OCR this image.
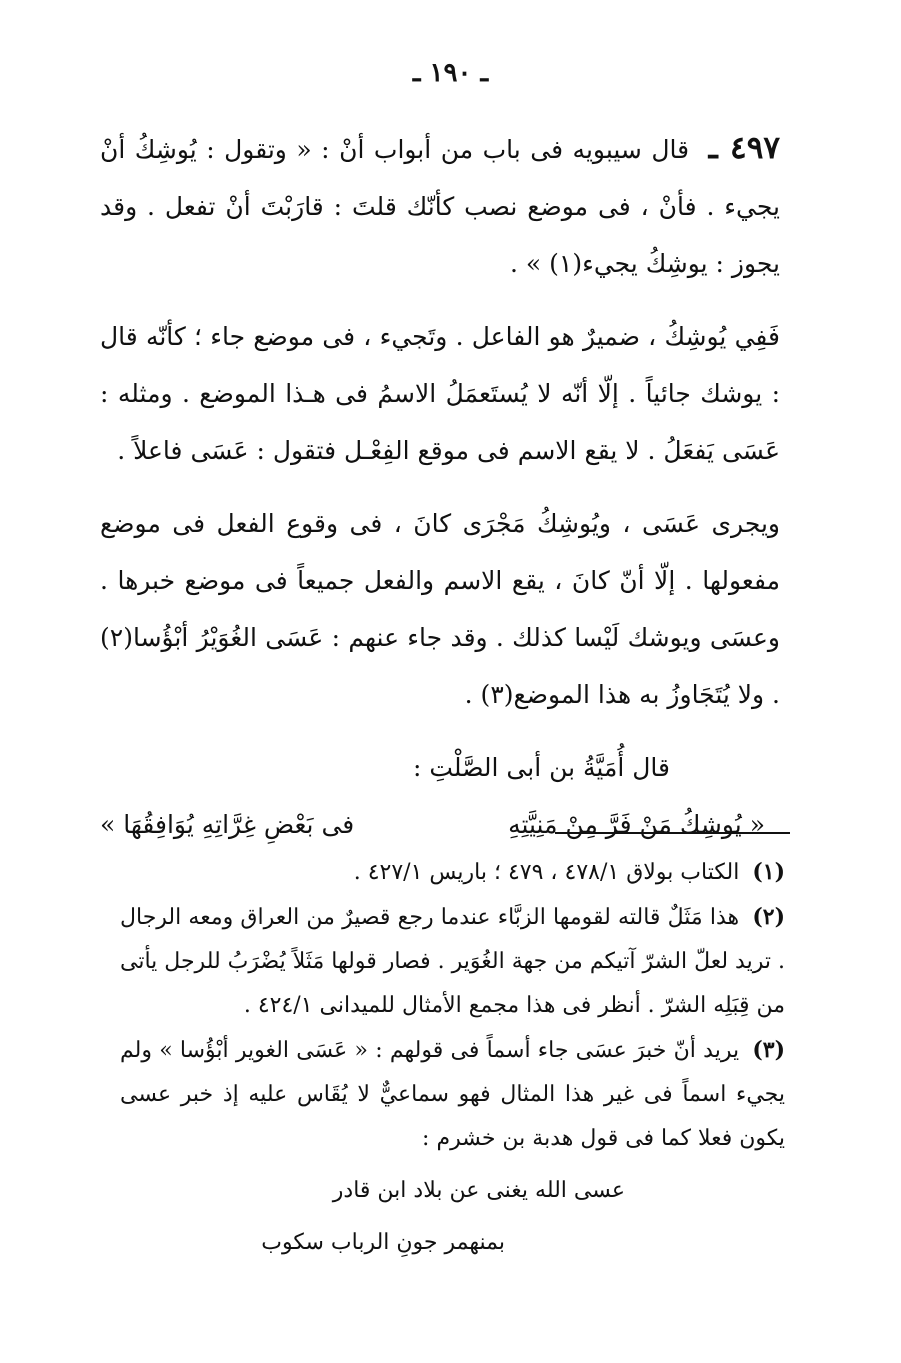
ـ ١٩٠ ـ

٤٩٧ ـ قال سيبويه فى باب من أبواب أنْ : « وتقول : يُوشِكُ أنْ يجيء . فأنْ ، فى موضع نصب كأنّك قلتَ : قارَبْتَ أنْ تفعل . وقد يجوز : يوشِكُ يجيء(١) » .

فَفِي يُوشِكُ ، ضميرٌ هو الفاعل . وتَجيء ، فى موضع جاء ؛ كأنّه قال : يوشك جائياً . إلّا أنّه لا يُستَعمَلُ الاسمُ فى هـذا الموضع . ومثله : عَسَى يَفعَلُ . لا يقع الاسم فى موقع الفِعْـل فتقول : عَسَى فاعلاً .

ويجرى عَسَى ، ويُوشِكُ مَجْرَى كانَ ، فى وقوع الفعل فى موضع مفعولها . إلّا أنّ كانَ ، يقع الاسم والفعل جميعاً فى موضع خبرها . وعسَى ويوشك لَيْسا كذلك . وقد جاء عنهم : عَسَى الغُوَيْرُ أبْؤُسا(٢) . ولا يُتَجَاوزُ به هذا الموضع(٣) .

قال أُمَيَّةُ بن أبى الصَّلْتِ :
« يُوشِكُ مَنْ فَرَّ مِنْ مَنِيَّتِهِ
فى بَعْضِ غِرَّاتِهِ يُوَافِقُهَا »

(١) الكتاب بولاق ٤٧٨/١ ، ٤٧٩ ؛ باريس ٤٢٧/١ .

(٢) هذا مَثَلٌ قالته لقومها الزبَّاء عندما رجع قصيرٌ من العراق ومعه الرجال . تريد لعلّ الشرّ آتيكم من جهة الغُوَير . فصار قولها مَثَلاً يُضْرَبُ للرجل يأتى من قِبَلِه الشرّ . أنظر فى هذا مجمع الأمثال للميدانى ٤٢٤/١ .

(٣) يريد أنّ خبرَ عسَى جاء أسماً فى قولهم : « عَسَى الغوير أبْؤُسا » ولم يجيء اسماً فى غير هذا المثال فهو سماعيٌّ لا يُقَاس عليه إذ خبر عسى يكون فعلا كما فى قول هدبة بن خشرم :

عسى الله يغنى عن بلاد ابن قادر
بمنهمر جونِ الرباب سكوب
